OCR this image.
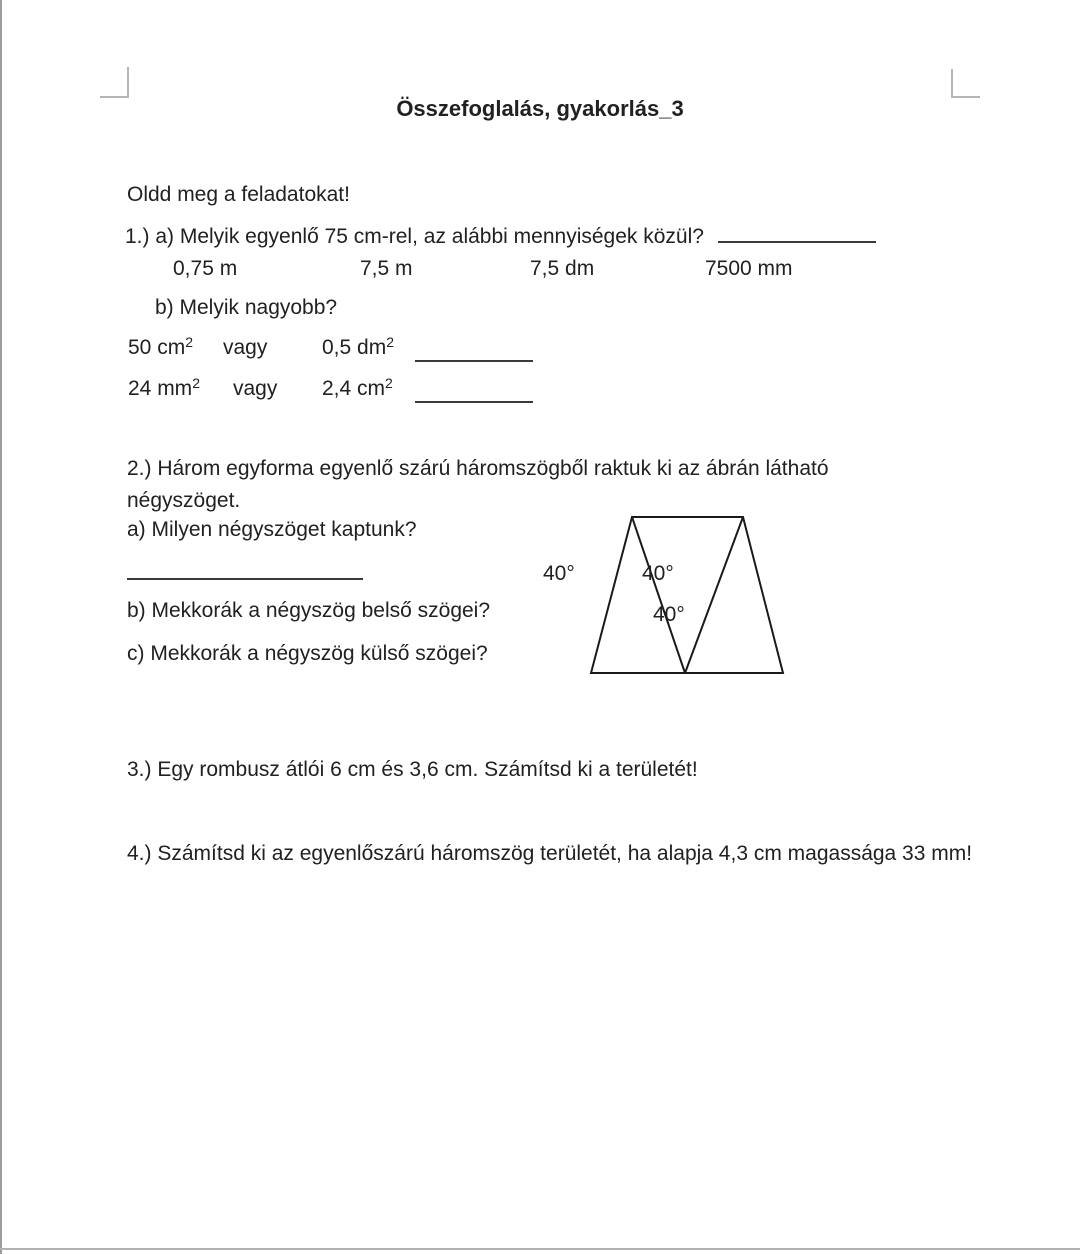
Összefoglalás, gyakorlás_3
Oldd meg a feladatokat!
1.) a) Melyik egyenlő 75 cm-rel, az alábbi mennyiségek közül?
0,75 m	7,5 m	7,5 dm	7500 mm
b) Melyik nagyobb?
50 $cm^2$ vagy	0,5 $dm^2$
24 $mm^2$ vagy 2,4 $cm^2$
2.) Három egyforma egyenlő szárú háromszögből raktuk ki az ábrán látható négyszöget.
a) Milyen négyszöget kaptunk?
b) Mekkorák a négyszög belső szögei?
c) Mekkorák a négyszög külső szögei?
40°	40°
40°
3.) Egy rombusz átlói 6 cm és 3,6 cm. Számítsd ki a területét!
4.) Számítsd ki az egyenlőszárú háromszög területét, ha alapja 4,3 cm magassága 33 mm!
